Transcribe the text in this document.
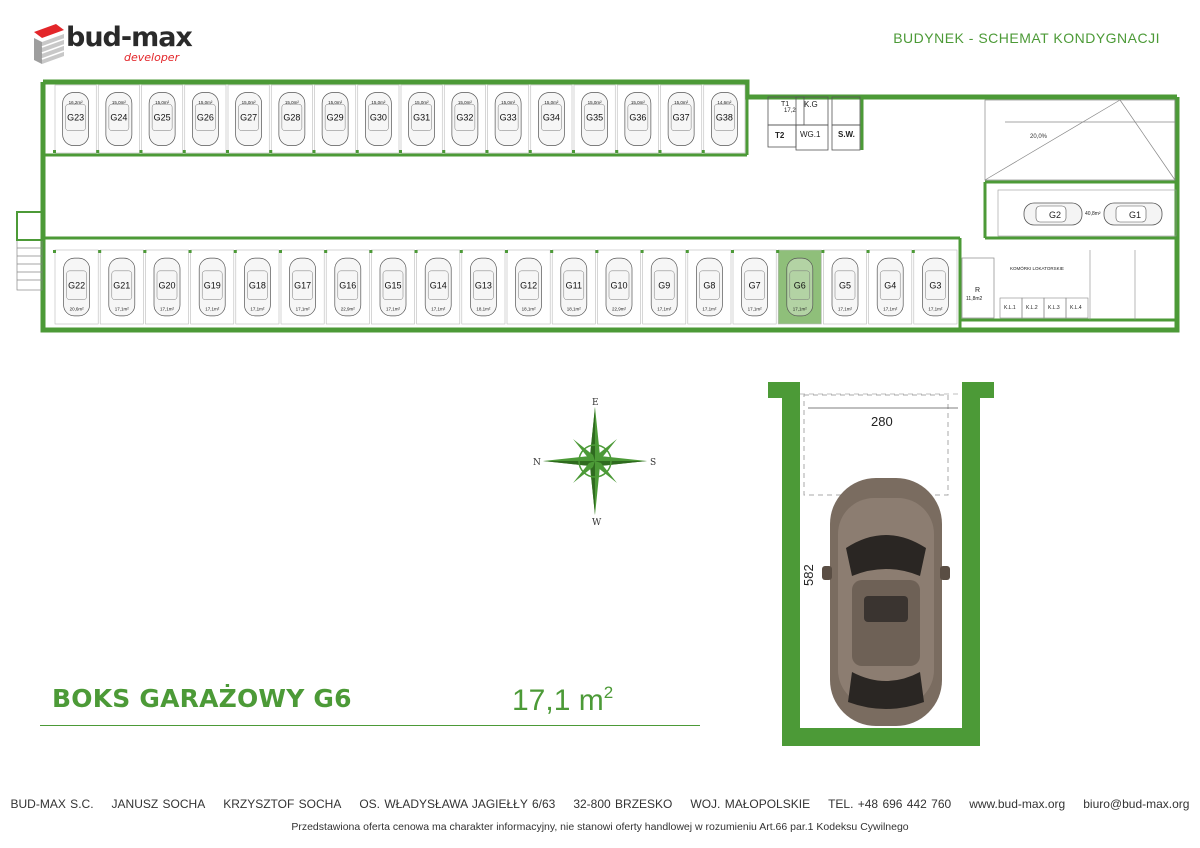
bud-max
developer
BUDYNEK - SCHEMAT KONDYGNACJI
G23
16,2m²
G24
15,0m²
G25
15,0m²
G26
15,0m²
G27
15,0m²
G28
15,0m²
G29
15,0m²
G30
15,0m²
G31
15,0m²
G32
15,0m²
G33
15,0m²
G34
15,0m²
G35
15,0m²
G36
15,0m²
G37
15,0m²
G38
14,6m²
G22
20,6m²
G21
17,1m²
G20
17,1m²
G19
17,1m²
G18
17,1m²
G17
17,1m²
G16
22,9m²
G15
17,1m²
G14
17,1m²
G13
18,1m²
G12
18,1m²
G11
18,1m²
G10
22,9m²
G9
17,1m²
G8
17,1m²
G7
17,1m²
G6
17,1m²
G5
17,1m²
G4
17,1m²
G3
17,1m²
T1
17,2
K.G
T2 WG.1 S.W.	20,0%
G2	G1
40,8m²
R
11,8m2
KOMÓRKI LOKATORSKIE
K.L.1 K.L.2 K.L.3 K.L.4
E
W
N	S
280
582
BOKS GARAŻOWY G6	17,1 $m^2$
BUD-MAX S.C. JANUSZ SOCHA KRZYSZTOF SOCHA OS. WŁADYSŁAWA JAGIEŁŁY 6/63 32-800 BRZESKO WOJ. MAŁOPOLSKIE TEL. +48 696 442 760 www.bud-max.org biuro@bud-max.org
Przedstawiona oferta cenowa ma charakter informacyjny, nie stanowi oferty handlowej w rozumieniu Art.66 par.1 Kodeksu Cywilnego
